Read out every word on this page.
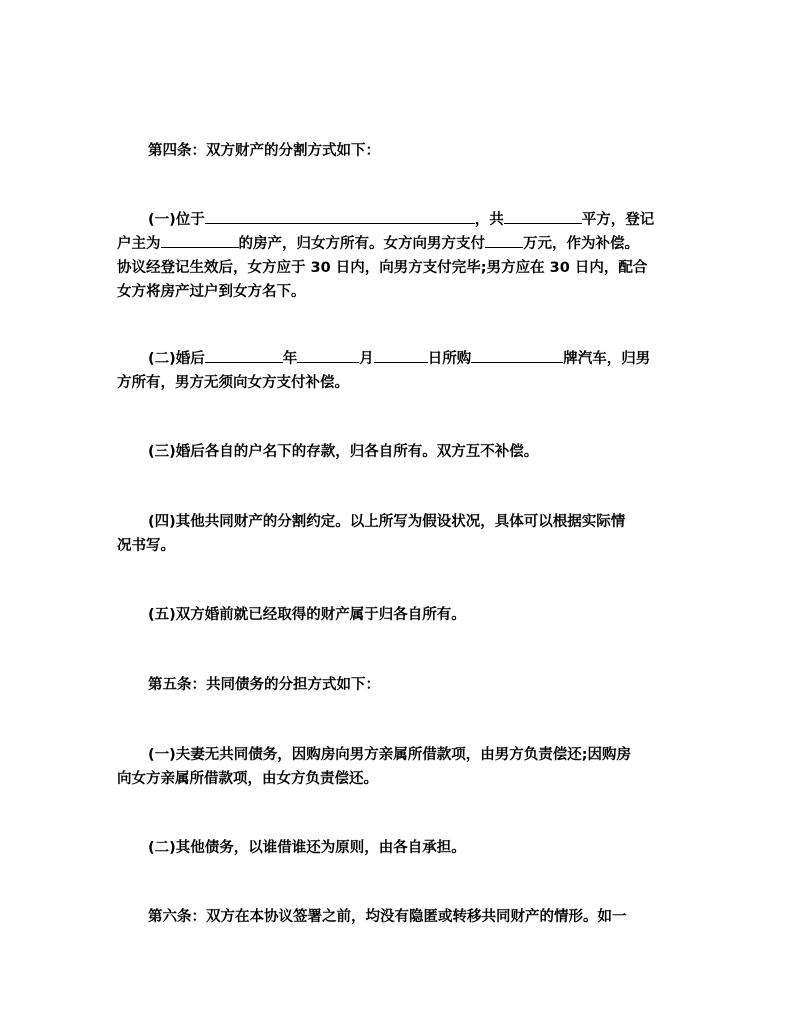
第四条：双方财产的分割方式如下：
(一)位于	，共	平方，登记
户主为	的房产，归女方所有。女方向男方支付	万元，作为补偿。
协议经登记生效后，女方应于 30 日内，向男方支付完毕;男方应在 30 日内，配合
女方将房产过户到女方名下。
(二)婚后	年	月	日所购	牌汽车，归男
方所有，男方无须向女方支付补偿。
(三)婚后各自的户名下的存款，归各自所有。双方互不补偿。
(四)其他共同财产的分割约定。以上所写为假设状况，具体可以根据实际情
况书写。
(五)双方婚前就已经取得的财产属于归各自所有。
第五条：共同债务的分担方式如下：
(一)夫妻无共同债务，因购房向男方亲属所借款项，由男方负责偿还;因购房
向女方亲属所借款项，由女方负责偿还。
(二)其他债务，以谁借谁还为原则，由各自承担。
第六条：双方在本协议签署之前，均没有隐匿或转移共同财产的情形。如一
